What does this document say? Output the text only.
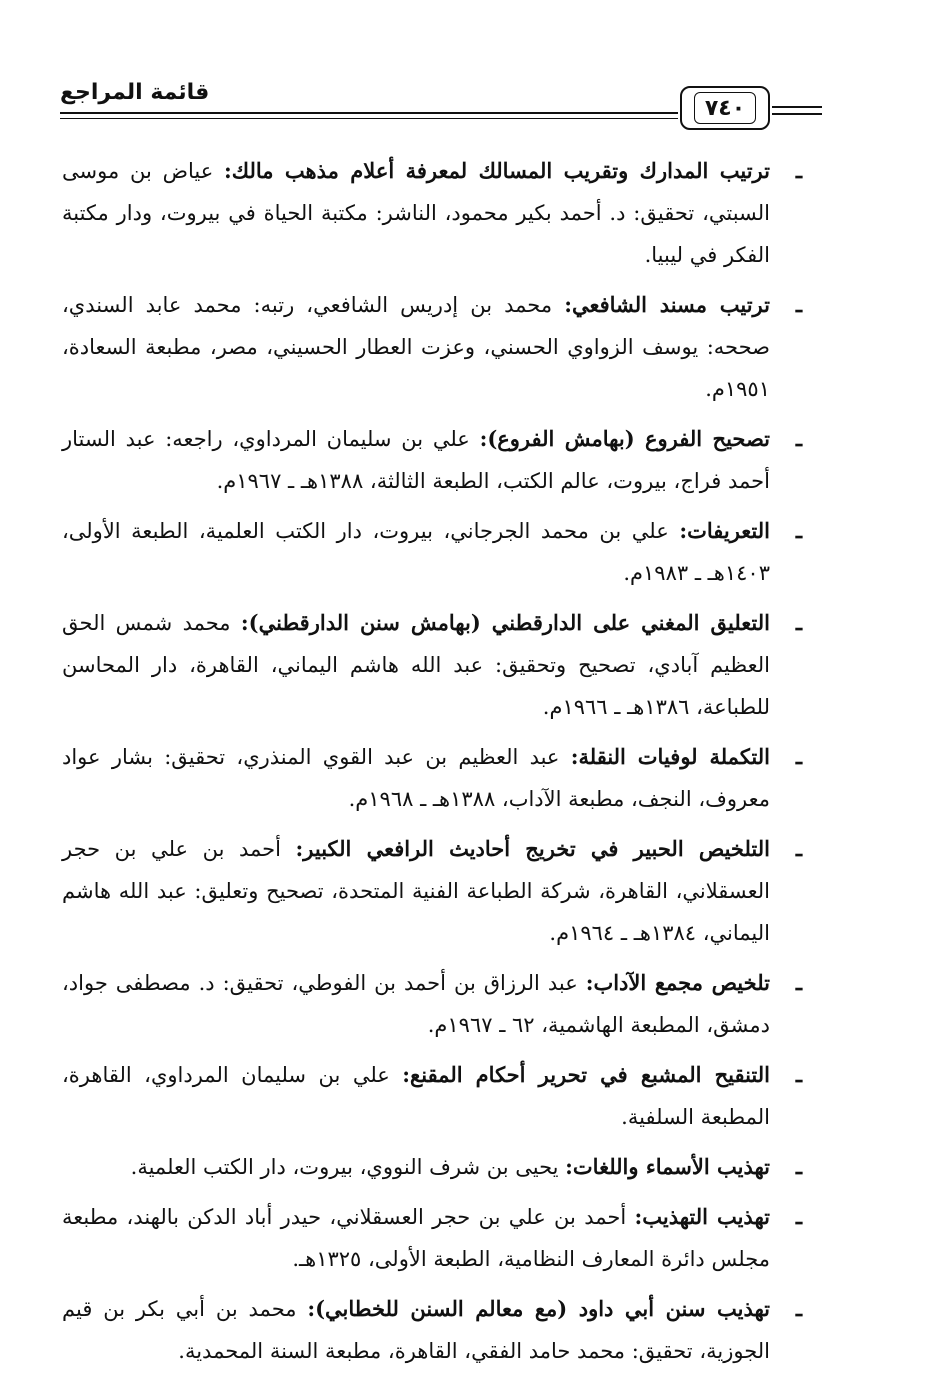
قائمة المراجع
٧٤٠
ـ
ترتيب المدارك وتقريب المسالك لمعرفة أعلام مذهب مالك: عياض بن موسى السبتي، تحقيق: د. أحمد بكير محمود، الناشر: مكتبة الحياة في بيروت، ودار مكتبة الفكر في ليبيا.
ـ
ترتيب مسند الشافعي: محمد بن إدريس الشافعي، رتبه: محمد عابد السندي، صححه: يوسف الزواوي الحسني، وعزت العطار الحسيني، مصر، مطبعة السعادة، ١٩٥١م.
ـ
تصحيح الفروع (بهامش الفروع): علي بن سليمان المرداوي، راجعه: عبد الستار أحمد فراج، بيروت، عالم الكتب، الطبعة الثالثة، ١٣٨٨هـ ـ ١٩٦٧م.
ـ
التعريفات: علي بن محمد الجرجاني، بيروت، دار الكتب العلمية، الطبعة الأولى، ١٤٠٣هـ ـ ١٩٨٣م.
ـ
التعليق المغني على الدارقطني (بهامش سنن الدارقطني): محمد شمس الحق العظيم آبادي، تصحيح وتحقيق: عبد الله هاشم اليماني، القاهرة، دار المحاسن للطباعة، ١٣٨٦هـ ـ ١٩٦٦م.
ـ
التكملة لوفيات النقلة: عبد العظيم بن عبد القوي المنذري، تحقيق: بشار عواد معروف، النجف، مطبعة الآداب، ١٣٨٨هـ ـ ١٩٦٨م.
ـ
التلخيص الحبير في تخريج أحاديث الرافعي الكبير: أحمد بن علي بن حجر العسقلاني، القاهرة، شركة الطباعة الفنية المتحدة، تصحيح وتعليق: عبد الله هاشم اليماني، ١٣٨٤هـ ـ ١٩٦٤م.
ـ
تلخيص مجمع الآداب: عبد الرزاق بن أحمد بن الفوطي، تحقيق: د. مصطفى جواد، دمشق، المطبعة الهاشمية، ٦٢ ـ ١٩٦٧م.
ـ
التنقيح المشبع في تحرير أحكام المقنع: علي بن سليمان المرداوي، القاهرة، المطبعة السلفية.
ـ
تهذيب الأسماء واللغات: يحيى بن شرف النووي، بيروت، دار الكتب العلمية.
ـ
تهذيب التهذيب: أحمد بن علي بن حجر العسقلاني، حيدر أباد الدكن بالهند، مطبعة مجلس دائرة المعارف النظامية، الطبعة الأولى، ١٣٢٥هـ.
ـ
تهذيب سنن أبي داود (مع معالم السنن للخطابي): محمد بن أبي بكر بن قيم الجوزية، تحقيق: محمد حامد الفقي، القاهرة، مطبعة السنة المحمدية.
